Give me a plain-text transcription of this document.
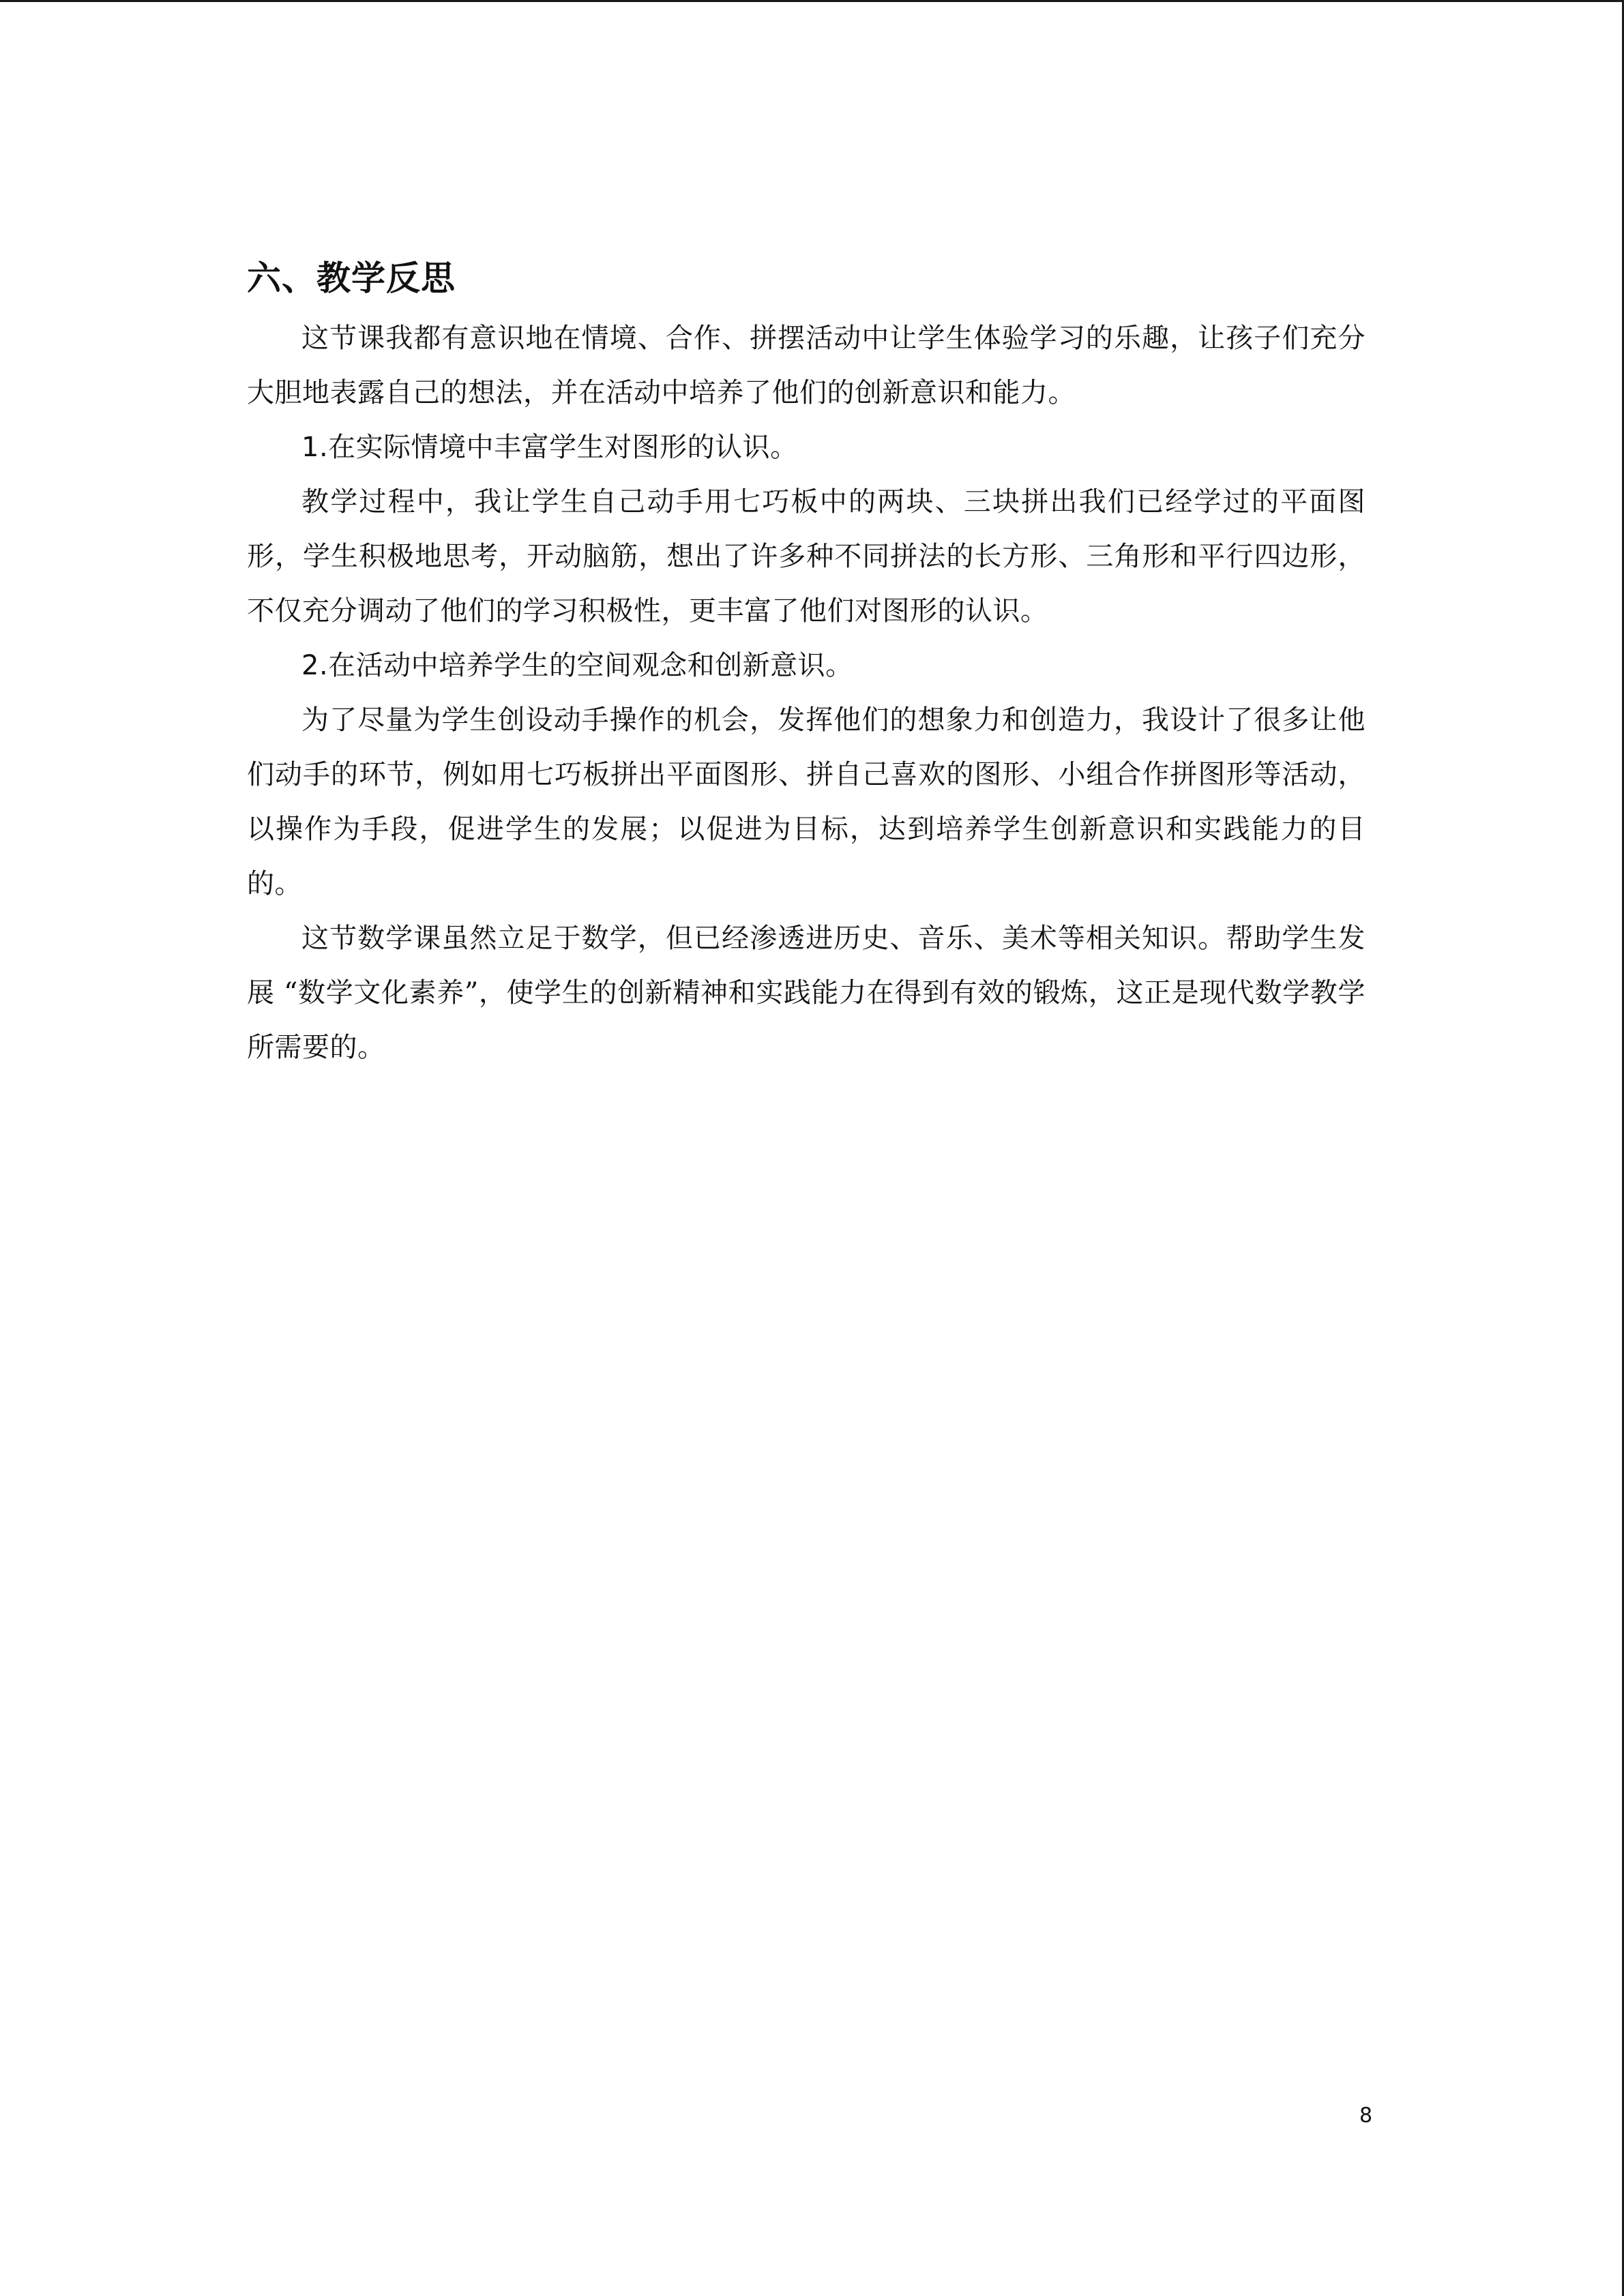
六、教学反思

这节课我都有意识地在情境、合作、拼摆活动中让学生体验学习的乐趣，让孩子们充分大胆地表露自己的想法，并在活动中培养了他们的创新意识和能力。

1.在实际情境中丰富学生对图形的认识。

教学过程中，我让学生自己动手用七巧板中的两块、三块拼出我们已经学过的平面图形，学生积极地思考，开动脑筋，想出了许多种不同拼法的长方形、三角形和平行四边形，不仅充分调动了他们的学习积极性，更丰富了他们对图形的认识。

2.在活动中培养学生的空间观念和创新意识。

为了尽量为学生创设动手操作的机会，发挥他们的想象力和创造力，我设计了很多让他们动手的环节，例如用七巧板拼出平面图形、拼自己喜欢的图形、小组合作拼图形等活动，以操作为手段，促进学生的发展；以促进为目标，达到培养学生创新意识和实践能力的目的。

这节数学课虽然立足于数学，但已经渗透进历史、音乐、美术等相关知识。帮助学生发展 “数学文化素养”，使学生的创新精神和实践能力在得到有效的锻炼，这正是现代数学教学所需要的。

8
